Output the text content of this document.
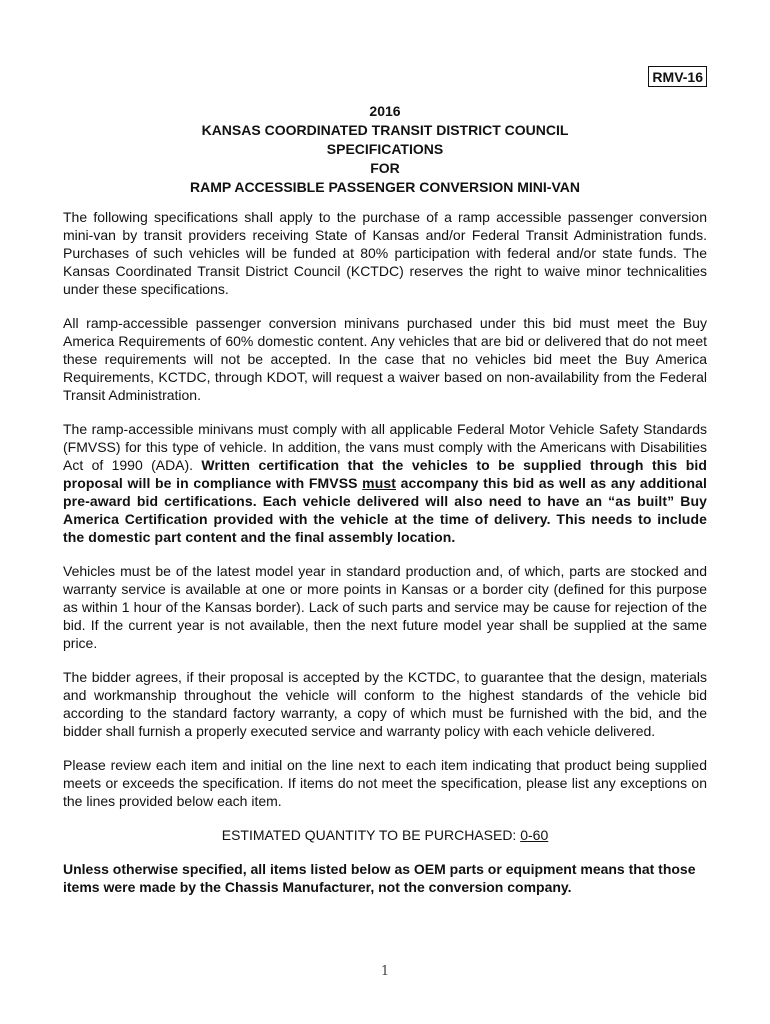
RMV-16
2016
KANSAS COORDINATED TRANSIT DISTRICT COUNCIL
SPECIFICATIONS
FOR
RAMP ACCESSIBLE PASSENGER CONVERSION MINI-VAN

The following specifications shall apply to the purchase of a ramp accessible passenger conversion mini-van by transit providers receiving State of Kansas and/or Federal Transit Administration funds. Purchases of such vehicles will be funded at 80% participation with federal and/or state funds. The Kansas Coordinated Transit District Council (KCTDC) reserves the right to waive minor technicalities under these specifications.

All ramp-accessible passenger conversion minivans purchased under this bid must meet the Buy America Requirements of 60% domestic content. Any vehicles that are bid or delivered that do not meet these requirements will not be accepted. In the case that no vehicles bid meet the Buy America Requirements, KCTDC, through KDOT, will request a waiver based on non-availability from the Federal Transit Administration.

The ramp-accessible minivans must comply with all applicable Federal Motor Vehicle Safety Standards (FMVSS) for this type of vehicle. In addition, the vans must comply with the Americans with Disabilities Act of 1990 (ADA). Written certification that the vehicles to be supplied through this bid proposal will be in compliance with FMVSS must accompany this bid as well as any additional pre-award bid certifications. Each vehicle delivered will also need to have an “as built” Buy America Certification provided with the vehicle at the time of delivery. This needs to include the domestic part content and the final assembly location.

Vehicles must be of the latest model year in standard production and, of which, parts are stocked and warranty service is available at one or more points in Kansas or a border city (defined for this purpose as within 1 hour of the Kansas border). Lack of such parts and service may be cause for rejection of the bid. If the current year is not available, then the next future model year shall be supplied at the same price.

The bidder agrees, if their proposal is accepted by the KCTDC, to guarantee that the design, materials and workmanship throughout the vehicle will conform to the highest standards of the vehicle bid according to the standard factory warranty, a copy of which must be furnished with the bid, and the bidder shall furnish a properly executed service and warranty policy with each vehicle delivered.

Please review each item and initial on the line next to each item indicating that product being supplied meets or exceeds the specification. If items do not meet the specification, please list any exceptions on the lines provided below each item.

ESTIMATED QUANTITY TO BE PURCHASED: 0-60

Unless otherwise specified, all items listed below as OEM parts or equipment means that those items were made by the Chassis Manufacturer, not the conversion company.

1
